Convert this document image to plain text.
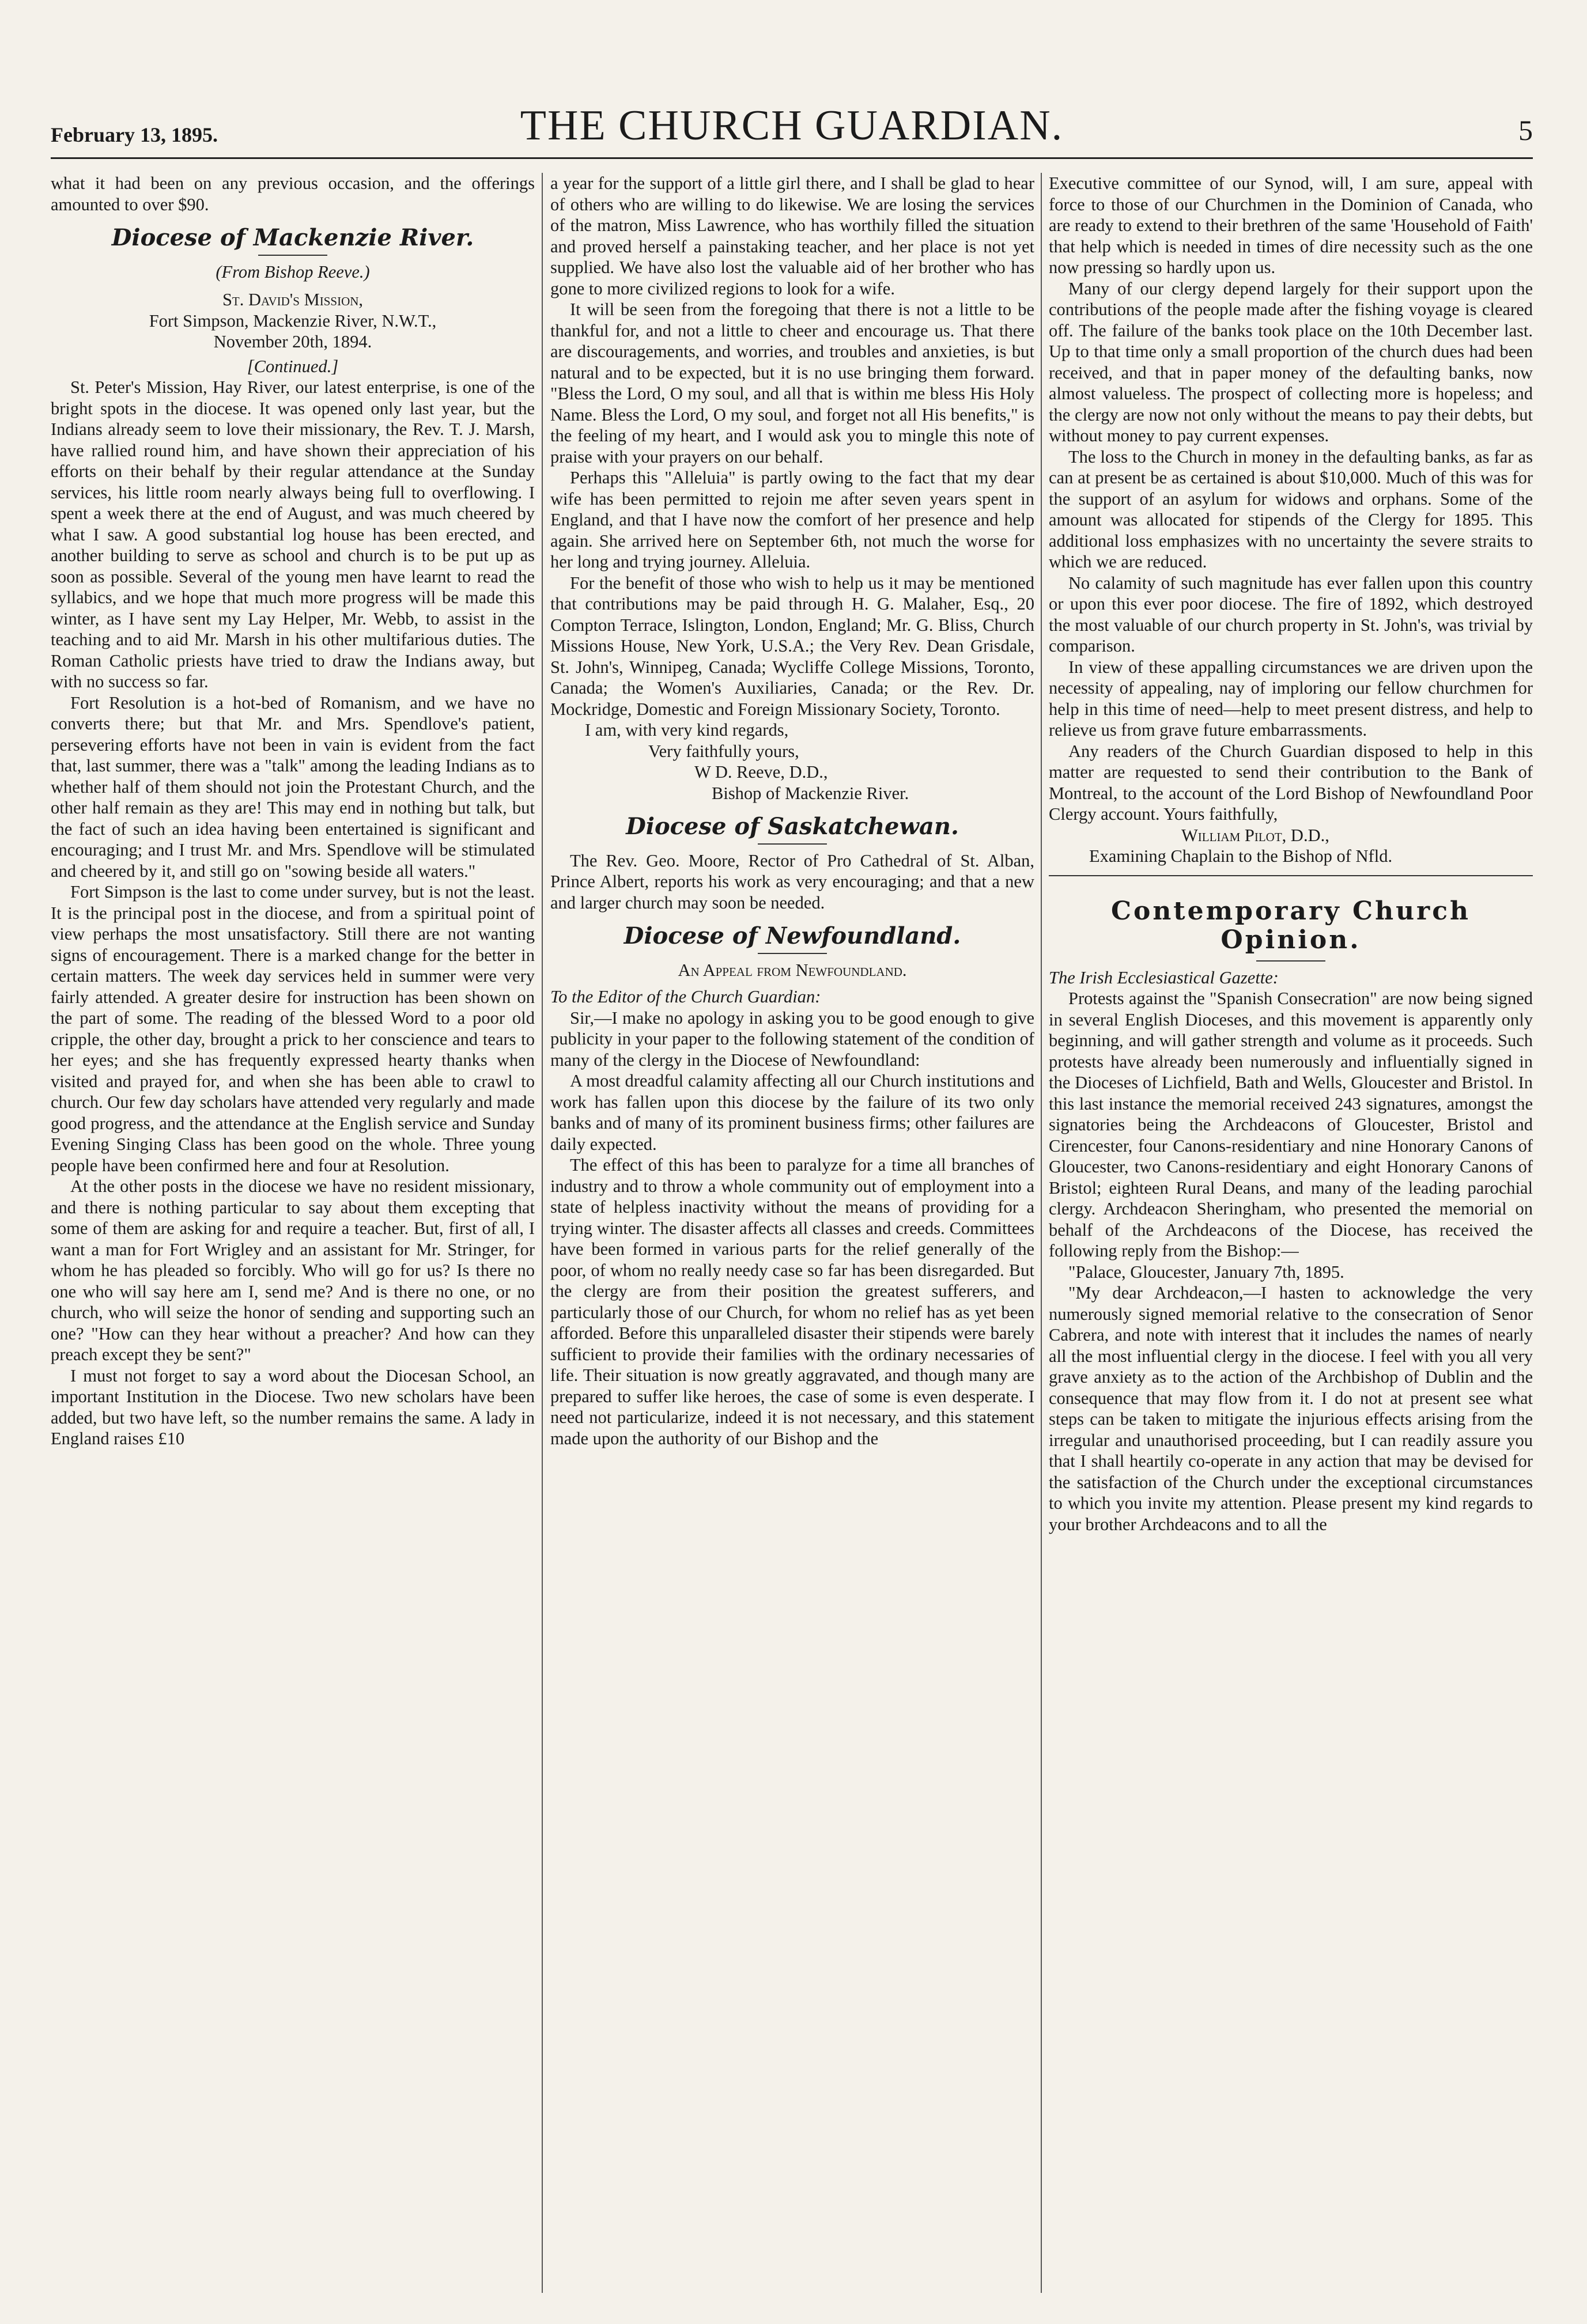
February 13, 1895.	THE CHURCH GUARDIAN.	5

what it had been on any previous occasion, and the offerings amounted to over $90.

Diocese of Mackenzie River.

(From Bishop Reeve.)

St. David's Mission,
Fort Simpson, Mackenzie River, N.W.T.,
November 20th, 1894.

[Continued.]

St. Peter's Mission, Hay River, our latest enterprise, is one of the bright spots in the diocese. It was opened only last year, but the Indians already seem to love their missionary, the Rev. T. J. Marsh, have rallied round him, and have shown their appreciation of his efforts on their behalf by their regular attendance at the Sunday services, his little room nearly always being full to overflowing. I spent a week there at the end of August, and was much cheered by what I saw. A good substantial log house has been erected, and another building to serve as school and church is to be put up as soon as possible. Several of the young men have learnt to read the syllabics, and we hope that much more progress will be made this winter, as I have sent my Lay Helper, Mr. Webb, to assist in the teaching and to aid Mr. Marsh in his other multifarious duties. The Roman Catholic priests have tried to draw the Indians away, but with no success so far.

Fort Resolution is a hot-bed of Romanism, and we have no converts there; but that Mr. and Mrs. Spendlove's patient, persevering efforts have not been in vain is evident from the fact that, last summer, there was a "talk" among the leading Indians as to whether half of them should not join the Protestant Church, and the other half remain as they are! This may end in nothing but talk, but the fact of such an idea having been entertained is significant and encouraging; and I trust Mr. and Mrs. Spendlove will be stimulated and cheered by it, and still go on "sowing beside all waters."

Fort Simpson is the last to come under survey, but is not the least. It is the principal post in the diocese, and from a spiritual point of view perhaps the most unsatisfactory. Still there are not wanting signs of encouragement. There is a marked change for the better in certain matters. The week day services held in summer were very fairly attended. A greater desire for instruction has been shown on the part of some. The reading of the blessed Word to a poor old cripple, the other day, brought a prick to her conscience and tears to her eyes; and she has frequently expressed hearty thanks when visited and prayed for, and when she has been able to crawl to church. Our few day scholars have attended very regularly and made good progress, and the attendance at the English service and Sunday Evening Singing Class has been good on the whole. Three young people have been confirmed here and four at Resolution.

At the other posts in the diocese we have no resident missionary, and there is nothing particular to say about them excepting that some of them are asking for and require a teacher. But, first of all, I want a man for Fort Wrigley and an assistant for Mr. Stringer, for whom he has pleaded so forcibly. Who will go for us? Is there no one who will say here am I, send me? And is there no one, or no church, who will seize the honor of sending and supporting such an one? "How can they hear without a preacher? And how can they preach except they be sent?"

I must not forget to say a word about the Diocesan School, an important Institution in the Diocese. Two new scholars have been added, but two have left, so the number remains the same. A lady in England raises £10

a year for the support of a little girl there, and I shall be glad to hear of others who are willing to do likewise. We are losing the services of the matron, Miss Lawrence, who has worthily filled the situation and proved herself a painstaking teacher, and her place is not yet supplied. We have also lost the valuable aid of her brother who has gone to more civilized regions to look for a wife.

It will be seen from the foregoing that there is not a little to be thankful for, and not a little to cheer and encourage us. That there are discouragements, and worries, and troubles and anxieties, is but natural and to be expected, but it is no use bringing them forward. "Bless the Lord, O my soul, and all that is within me bless His Holy Name. Bless the Lord, O my soul, and forget not all His benefits," is the feeling of my heart, and I would ask you to mingle this note of praise with your prayers on our behalf.

Perhaps this "Alleluia" is partly owing to the fact that my dear wife has been permitted to rejoin me after seven years spent in England, and that I have now the comfort of her presence and help again. She arrived here on September 6th, not much the worse for her long and trying journey. Alleluia.

For the benefit of those who wish to help us it may be mentioned that contributions may be paid through H. G. Malaher, Esq., 20 Compton Terrace, Islington, London, England; Mr. G. Bliss, Church Missions House, New York, U.S.A.; the Very Rev. Dean Grisdale, St. John's, Winnipeg, Canada; Wycliffe College Missions, Toronto, Canada; the Women's Auxiliaries, Canada; or the Rev. Dr. Mockridge, Domestic and Foreign Missionary Society, Toronto.

I am, with very kind regards,

Very faithfully yours,

W D. Reeve, D.D.,

Bishop of Mackenzie River.

Diocese of Saskatchewan.

The Rev. Geo. Moore, Rector of Pro Cathedral of St. Alban, Prince Albert, reports his work as very encouraging; and that a new and larger church may soon be needed.

Diocese of Newfoundland.

An Appeal from Newfoundland.

To the Editor of the Church Guardian:

Sir,—I make no apology in asking you to be good enough to give publicity in your paper to the following statement of the condition of many of the clergy in the Diocese of Newfoundland:

A most dreadful calamity affecting all our Church institutions and work has fallen upon this diocese by the failure of its two only banks and of many of its prominent business firms; other failures are daily expected.

The effect of this has been to paralyze for a time all branches of industry and to throw a whole community out of employment into a state of helpless inactivity without the means of providing for a trying winter. The disaster affects all classes and creeds. Committees have been formed in various parts for the relief generally of the poor, of whom no really needy case so far has been disregarded. But the clergy are from their position the greatest sufferers, and particularly those of our Church, for whom no relief has as yet been afforded. Before this unparalleled disaster their stipends were barely sufficient to provide their families with the ordinary necessaries of life. Their situation is now greatly aggravated, and though many are prepared to suffer like heroes, the case of some is even desperate. I need not particularize, indeed it is not necessary, and this statement made upon the authority of our Bishop and the

Executive committee of our Synod, will, I am sure, appeal with force to those of our Churchmen in the Dominion of Canada, who are ready to extend to their brethren of the same 'Household of Faith' that help which is needed in times of dire necessity such as the one now pressing so hardly upon us.

Many of our clergy depend largely for their support upon the contributions of the people made after the fishing voyage is cleared off. The failure of the banks took place on the 10th December last. Up to that time only a small proportion of the church dues had been received, and that in paper money of the defaulting banks, now almost valueless. The prospect of collecting more is hopeless; and the clergy are now not only without the means to pay their debts, but without money to pay current expenses.

The loss to the Church in money in the defaulting banks, as far as can at present be as certained is about $10,000. Much of this was for the support of an asylum for widows and orphans. Some of the amount was allocated for stipends of the Clergy for 1895. This additional loss emphasizes with no uncertainty the severe straits to which we are reduced.

No calamity of such magnitude has ever fallen upon this country or upon this ever poor diocese. The fire of 1892, which destroyed the most valuable of our church property in St. John's, was trivial by comparison.

In view of these appalling circumstances we are driven upon the necessity of appealing, nay of imploring our fellow churchmen for help in this time of need—help to meet present distress, and help to relieve us from grave future embarrassments.

Any readers of the Church Guardian disposed to help in this matter are requested to send their contribution to the Bank of Montreal, to the account of the Lord Bishop of Newfoundland Poor Clergy account. Yours faithfully,

William Pilot, D.D.,

Examining Chaplain to the Bishop of Nfld.

Contemporary Church Opinion.

The Irish Ecclesiastical Gazette:

Protests against the "Spanish Consecration" are now being signed in several English Dioceses, and this movement is apparently only beginning, and will gather strength and volume as it proceeds. Such protests have already been numerously and influentially signed in the Dioceses of Lichfield, Bath and Wells, Gloucester and Bristol. In this last instance the memorial received 243 signatures, amongst the signatories being the Archdeacons of Gloucester, Bristol and Cirencester, four Canons-residentiary and nine Honorary Canons of Gloucester, two Canons-residentiary and eight Honorary Canons of Bristol; eighteen Rural Deans, and many of the leading parochial clergy. Archdeacon Sheringham, who presented the memorial on behalf of the Archdeacons of the Diocese, has received the following reply from the Bishop:—

"Palace, Gloucester, January 7th, 1895.

"My dear Archdeacon,—I hasten to acknowledge the very numerously signed memorial relative to the consecration of Senor Cabrera, and note with interest that it includes the names of nearly all the most influential clergy in the diocese. I feel with you all very grave anxiety as to the action of the Archbishop of Dublin and the consequence that may flow from it. I do not at present see what steps can be taken to mitigate the injurious effects arising from the irregular and unauthorised proceeding, but I can readily assure you that I shall heartily co-operate in any action that may be devised for the satisfaction of the Church under the exceptional circumstances to which you invite my attention. Please present my kind regards to your brother Archdeacons and to all the
